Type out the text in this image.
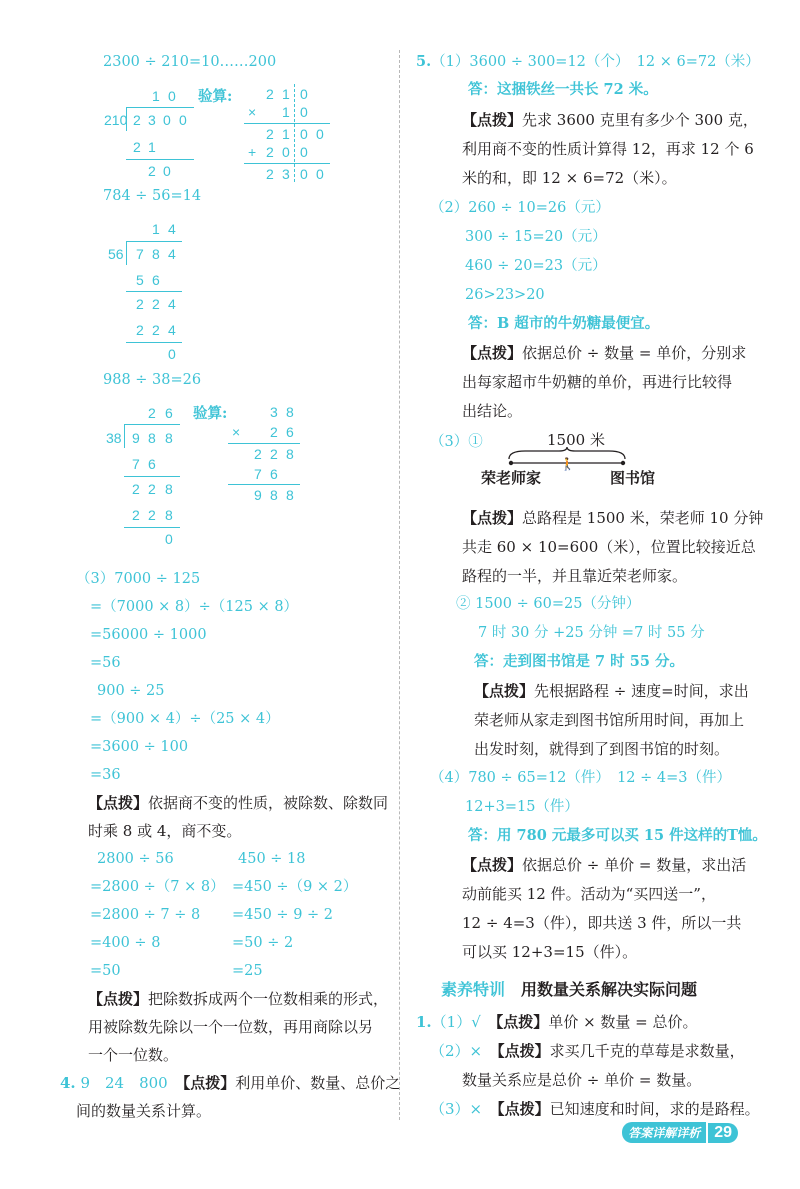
2300 ÷ 210=10……200
1 0 验算:
210 2 3 0 0
2 1
2 0
2 1 0
× 1 0
2 1 0 0
+ 2 0 0
2 3 0 0
784 ÷ 56=14
1 4
56 7 8 4
5 6
2 2 4
2 2 4
0
988 ÷ 38=26
2 6 验算:
38 9 8 8
7 6
2 2 8
2 2 8
0
3 8
× 2 6
2 2 8
7 6
9 8 8
（3）7000 ÷ 125
=（7000 × 8）÷（125 × 8）
=56000 ÷ 1000
=56
900 ÷ 25
=（900 × 4）÷（25 × 4）
=3600 ÷ 100
=36
【点拨】依据商不变的性质，被除数、除数同
时乘 8 或 4，商不变。
2800 ÷ 56
=2800 ÷（7 × 8）
=2800 ÷ 7 ÷ 8
=400 ÷ 8
=50
450 ÷ 18
=450 ÷（9 × 2）
=450 ÷ 9 ÷ 2
=50 ÷ 2
=25
【点拨】把除数拆成两个一位数相乘的形式，
用被除数先除以一个一位数，再用商除以另
一个一位数。
4. 9　24　800　 【点拨】利用单价、数量、总价之
间的数量关系计算。
5.（1）3600 ÷ 300=12（个）　12 × 6=72（米）
答：这捆铁丝一共长 72 米。
【点拨】先求 3600 克里有多少个 300 克，
利用商不变的性质计算得 12，再求 12 个 6
米的和，即 12 × 6=72（米）。
（2）260 ÷ 10=26（元）
300 ÷ 15=20（元）
460 ÷ 20=23（元）
26>23>20
答：B 超市的牛奶糖最便宜。
【点拨】依据总价 ÷ 数量 = 单价，分别求
出每家超市牛奶糖的单价，再进行比较得
出结论。
（3）①	1500 米
🚶
荣老师家	图书馆
【点拨】总路程是 1500 米，荣老师 10 分钟
共走 60 × 10=600（米），位置比较接近总
路程的一半，并且靠近荣老师家。
② 1500 ÷ 60=25（分钟）
7 时 30 分 +25 分钟 =7 时 55 分
答：走到图书馆是 7 时 55 分。
【点拨】先根据路程 ÷ 速度=时间，求出
荣老师从家走到图书馆所用时间，再加上
出发时刻，就得到了到图书馆的时刻。
（4）780 ÷ 65=12（件）　12 ÷ 4=3（件）
12+3=15（件）
答：用 780 元最多可以买 15 件这样的T恤。
【点拨】依据总价 ÷ 单价 = 数量，求出活
动前能买 12 件。活动为“买四送一”，
12 ÷ 4=3（件），即共送 3 件，所以一共
可以买 12+3=15（件）。
素养特训　 用数量关系解决实际问题
1.（1）√　 【点拨】单价 × 数量 = 总价。
（2）×　 【点拨】求买几千克的草莓是求数量，
数量关系应是总价 ÷ 单价 = 数量。
（3）×　 【点拨】已知速度和时间，求的是路程。
答案详解详析 29
